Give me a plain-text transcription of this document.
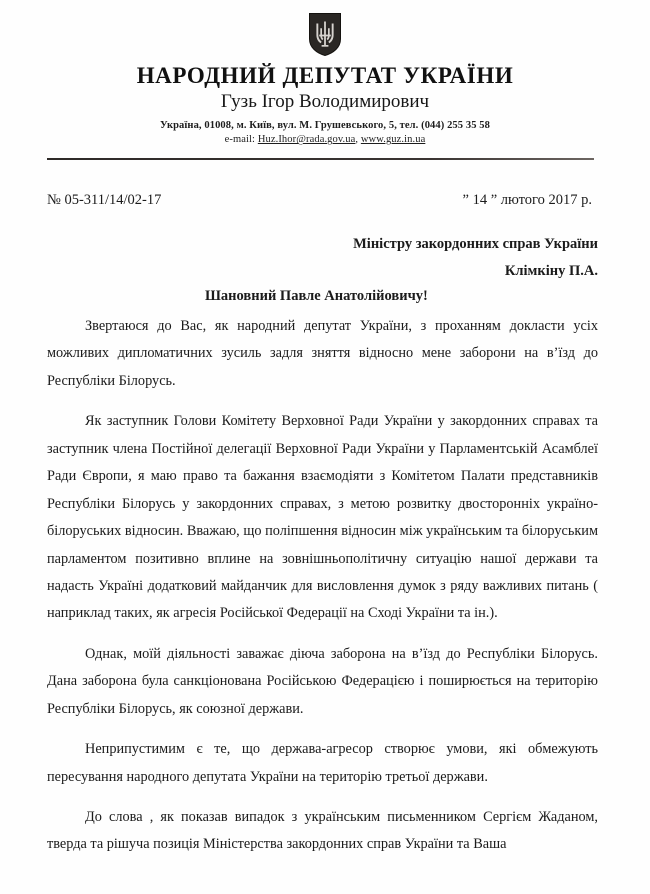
НАРОДНИЙ ДЕПУТАТ УКРАЇНИ
Гузь Ігор Володимирович
Україна, 01008, м. Київ, вул. М. Грушевського, 5, тел. (044) 255 35 58
e-mail: Huz.Ihor@rada.gov.ua, www.guz.in.ua
№ 05-311/14/02-17	” 14 ” лютого 2017 р.
Міністру закордонних справ України
Клімкіну П.А.
Шановний Павле Анатолійовичу!

Звертаюся до Вас, як народний депутат України, з проханням докласти усіх можливих дипломатичних зусиль задля зняття відносно мене заборони на в’їзд до Республіки Білорусь.

Як заступник Голови Комітету Верховної Ради України у закордонних справах та заступник члена Постійної делегації Верховної Ради України у Парламентській Асамблеї Ради Європи, я маю право та бажання взаємодіяти з Комітетом Палати представників Республіки Білорусь у закордонних справах, з метою розвитку двосторонніх україно-білоруських відносин. Вважаю, що поліпшення відносин між українським та білоруським парламентом позитивно вплине на зовнішньополітичну ситуацію нашої держави та надасть Україні додатковий майданчик для висловлення думок з ряду важливих питань ( наприклад таких, як агресія Російської Федерації на Сході України та ін.).

Однак, моїй діяльності заважає діюча заборона на в’їзд до Республіки Білорусь. Дана заборона була санкціонована Російською Федерацією і поширюється на територію Республіки Білорусь, як союзної держави.

Неприпустимим є те, що держава-агресор створює умови, які обмежують пересування народного депутата України на територію третьої держави.

До слова , як показав випадок з українським письменником Сергієм Жаданом, тверда та рішуча позиція Міністерства закордонних справ України та Ваша
